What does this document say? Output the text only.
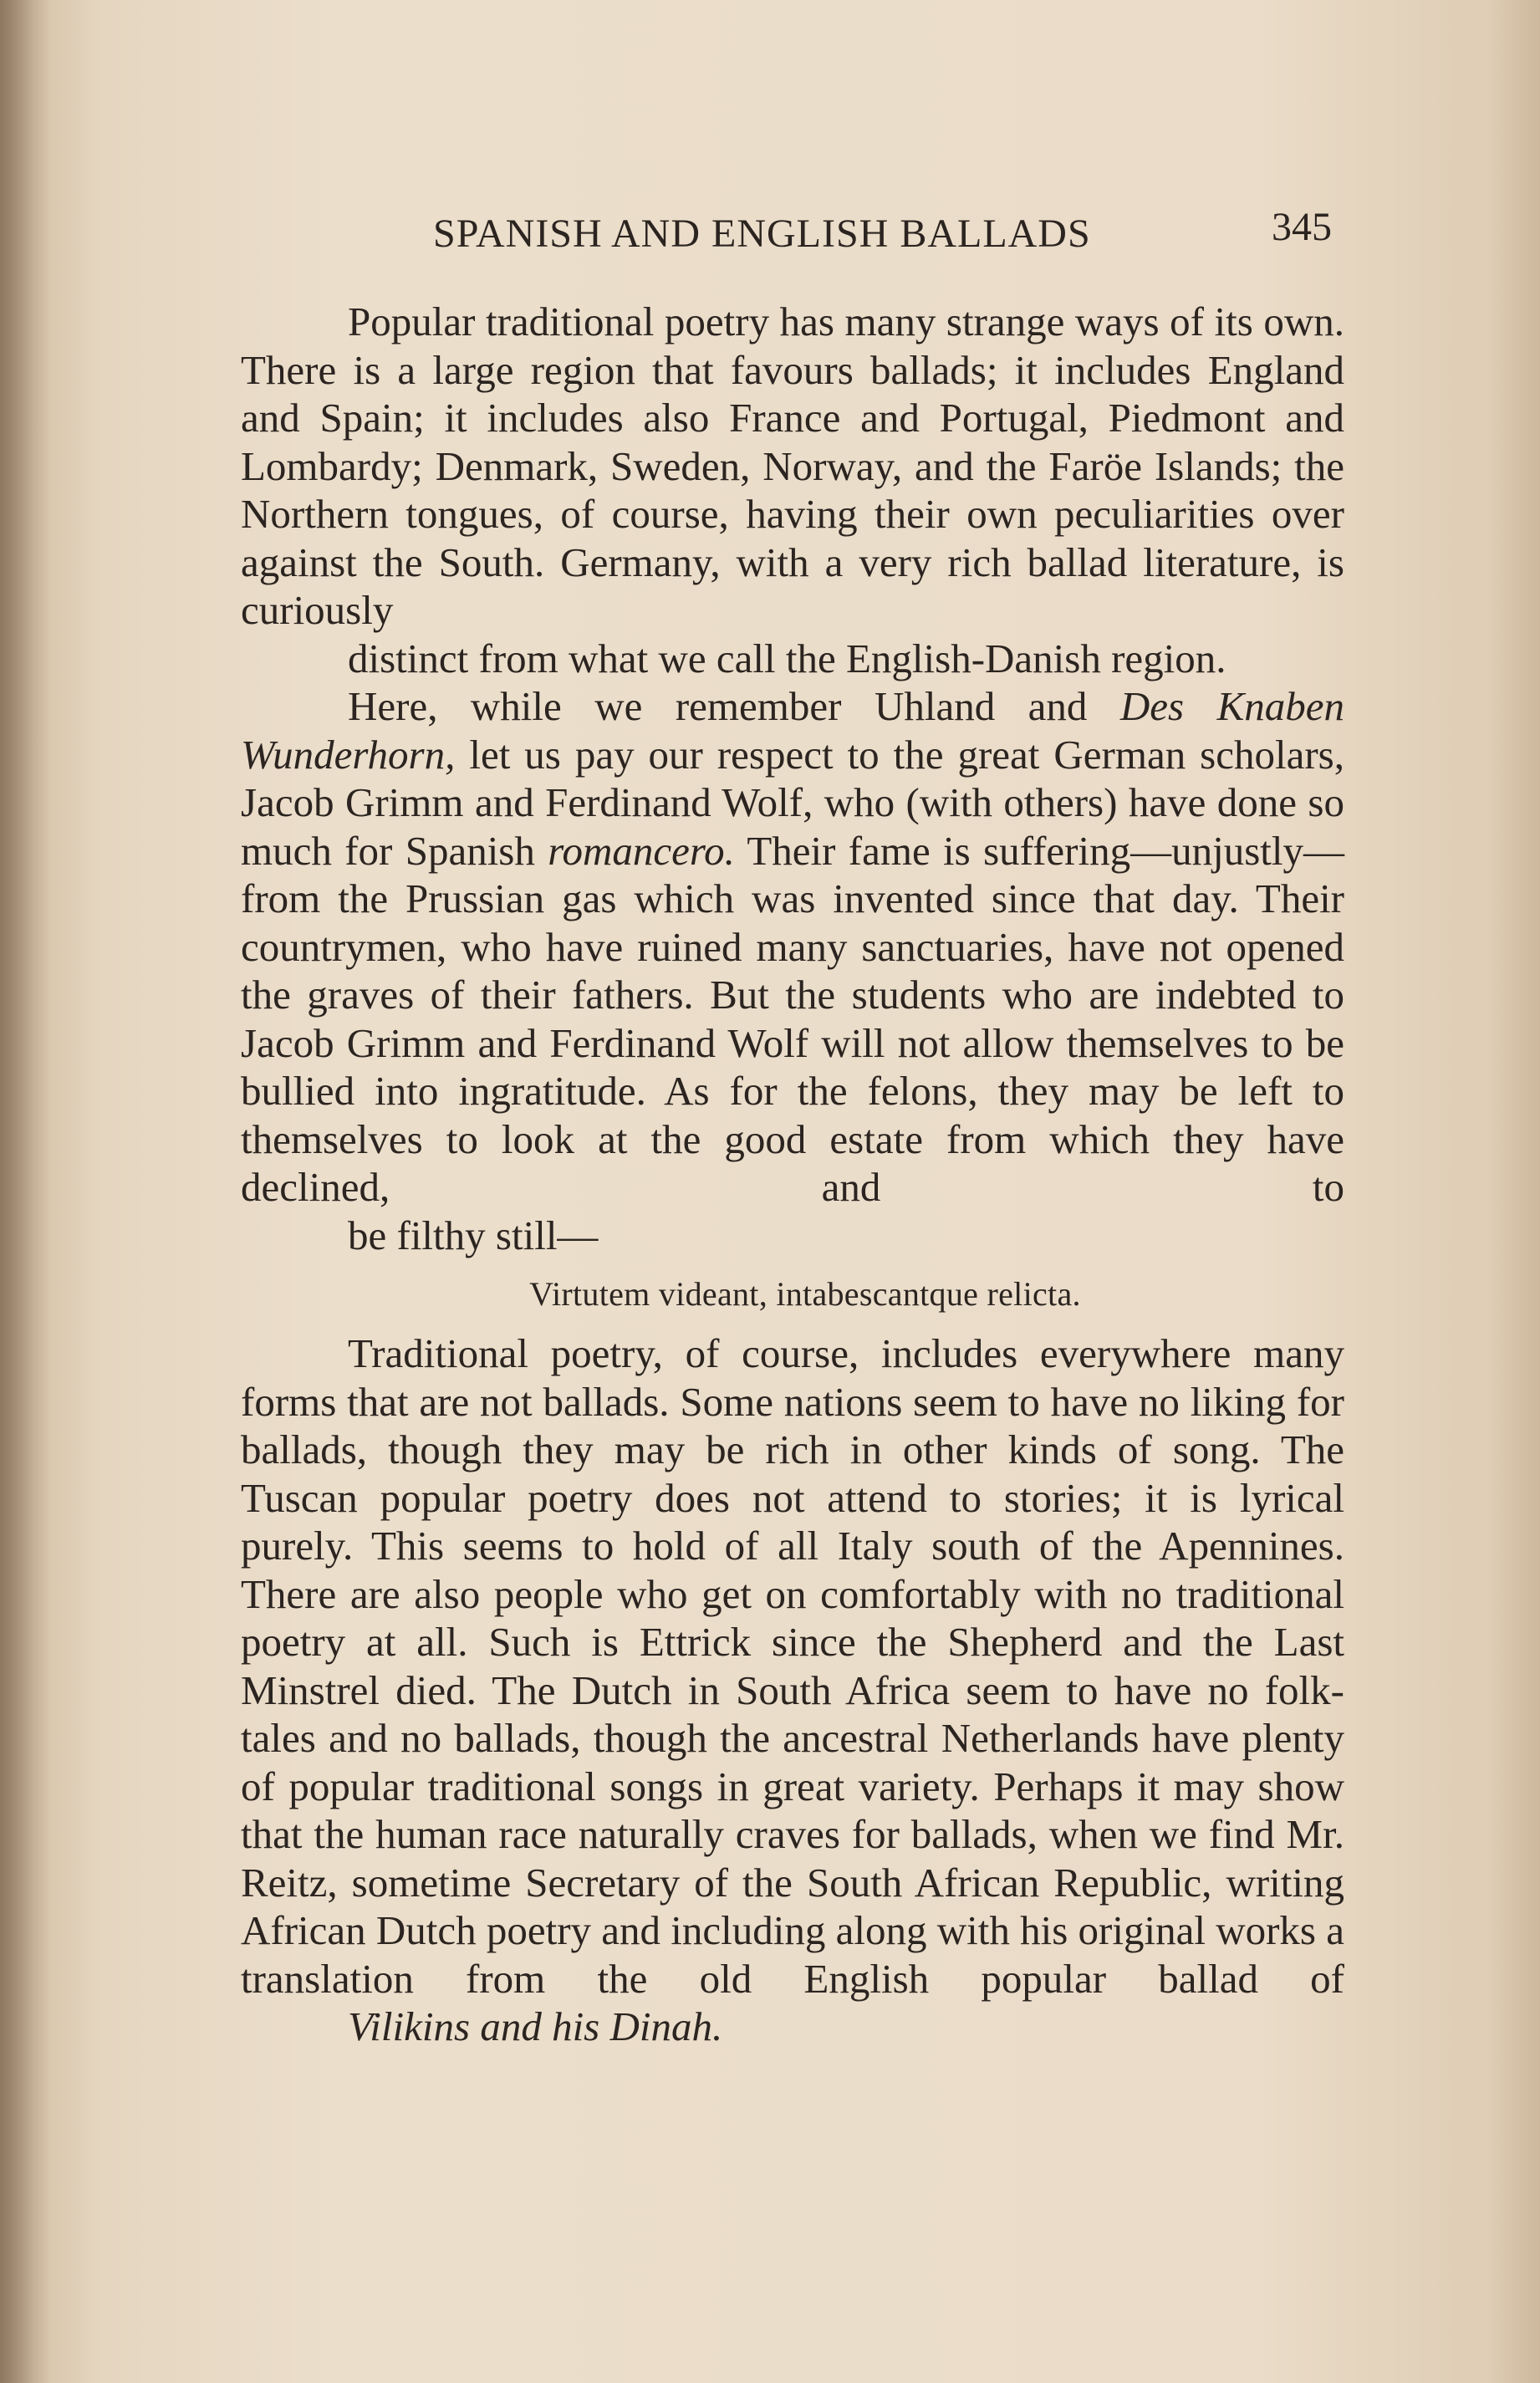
SPANISH AND ENGLISH BALLADS	345

Popular traditional poetry has many strange ways of its own. There is a large region that favours ballads; it includes England and Spain; it includes also France and Portugal, Piedmont and Lombardy; Denmark, Sweden, Norway, and the Faröe Islands; the Northern tongues, of course, having their own peculiarities over against the South. Germany, with a very rich ballad literature, is curiously
distinct from what we call the English-Danish region.

Here, while we remember Uhland and Des Knaben Wunderhorn, let us pay our respect to the great German scholars, Jacob Grimm and Ferdinand Wolf, who (with others) have done so much for Spanish romancero. Their fame is suffering—unjustly—from the Prussian gas which was invented since that day. Their countrymen, who have ruined many sanctuaries, have not opened the graves of their fathers. But the students who are indebted to Jacob Grimm and Ferdinand Wolf will not allow themselves to be bullied into ingratitude. As for the felons, they may be left to themselves to look at the good estate from which they have declined, and to
be filthy still—

Virtutem videant, intabescantque relicta.

Traditional poetry, of course, includes everywhere many forms that are not ballads. Some nations seem to have no liking for ballads, though they may be rich in other kinds of song. The Tuscan popular poetry does not attend to stories; it is lyrical purely. This seems to hold of all Italy south of the Apennines. There are also people who get on comfortably with no traditional poetry at all. Such is Ettrick since the Shepherd and the Last Minstrel died. The Dutch in South Africa seem to have no folk-tales and no ballads, though the ancestral Netherlands have plenty of popular traditional songs in great variety. Perhaps it may show that the human race naturally craves for ballads, when we find Mr. Reitz, sometime Secretary of the South African Republic, writing African Dutch poetry and including along with his original works a translation from the old English popular ballad of
Vilikins and his Dinah.
